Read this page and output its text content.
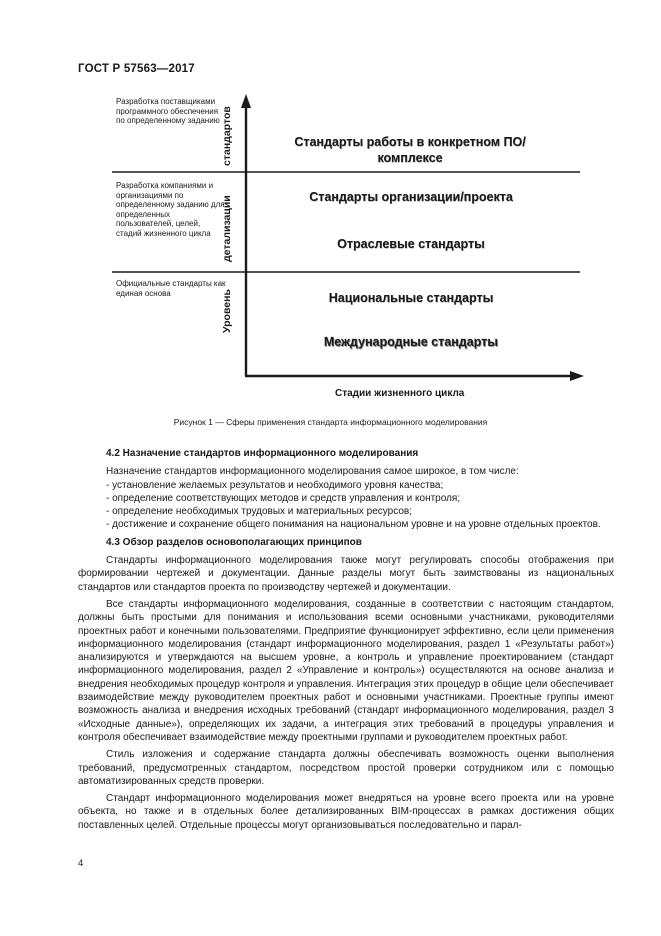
ГОСТ Р 57563—2017
Разработка поставщиками программного обеспечения по определенному заданию
Разработка компаниями и организациями по определенному заданию для определенных пользователей, целей, стадий жизненного цикла
Официальные стандарты как единая основа
стандартов
детализации
Уровень
Стандарты работы в конкретном ПО/комплексе
Стандарты организации/проекта
Отраслевые стандарты
Национальные стандарты
Международные стандарты
Стадии жизненного цикла
Рисунок 1 — Сферы применения стандарта информационного моделирования
4.2 Назначение стандартов информационного моделирования

Назначение стандартов информационного моделирования самое широкое, в том числе:

- установление желаемых результатов и необходимого уровня качества;
- определение соответствующих методов и средств управления и контроля;
- определение необходимых трудовых и материальных ресурсов;
- достижение и сохранение общего понимания на национальном уровне и на уровне отдельных проектов.
4.3 Обзор разделов основополагающих принципов

Стандарты информационного моделирования также могут регулировать способы отображения при формировании чертежей и документации. Данные разделы могут быть заимствованы из национальных стандартов или стандартов проекта по производству чертежей и документации.

Все стандарты информационного моделирования, созданные в соответствии с настоящим стандартом, должны быть простыми для понимания и использования всеми основными участниками, руководителями проектных работ и конечными пользователями. Предприятие функционирует эффективно, если цели применения информационного моделирования (стандарт информационного моделирования, раздел 1 «Результаты работ») анализируются и утверждаются на высшем уровне, а контроль и управление проектированием (стандарт информационного моделирования, раздел 2 «Управление и контроль») осуществляются на основе анализа и внедрения необходимых процедур контроля и управления. Интеграция этих процедур в общие цели обеспечивает взаимодействие между руководителем проектных работ и основными участниками. Проектные группы имеют возможность анализа и внедрения исходных требований (стандарт информационного моделирования, раздел 3 «Исходные данные»), определяющих их задачи, а интеграция этих требований в процедуры управления и контроля обеспечивает взаимодействие между проектными группами и руководителем проектных работ.

Стиль изложения и содержание стандарта должны обеспечивать возможность оценки выполнения требований, предусмотренных стандартом, посредством простой проверки сотрудником или с помощью автоматизированных средств проверки.

Стандарт информационного моделирования может внедряться на уровне всего проекта или на уровне объекта, но также и в отдельных более детализированных BIM-процессах в рамках достижения общих поставленных целей. Отдельные процессы могут организовываться последовательно и парал-

4
